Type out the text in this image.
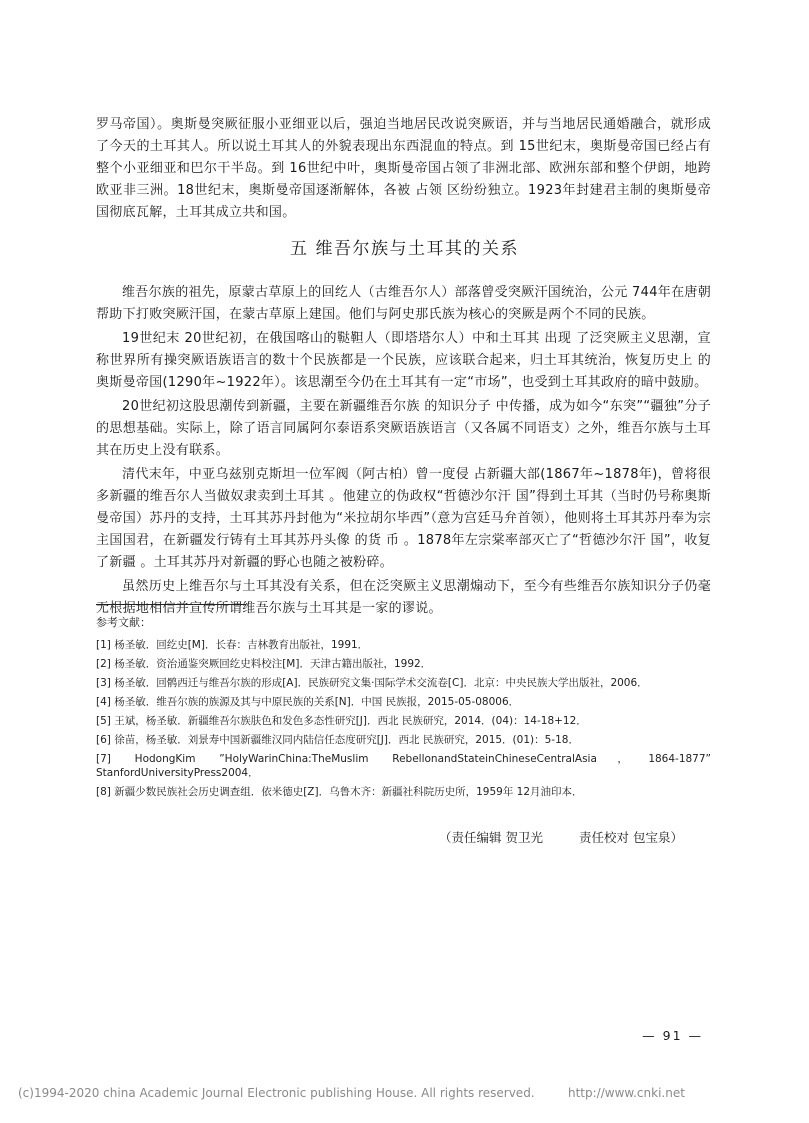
罗马帝国）。奥斯曼突厥征服小亚细亚以后，强迫当地居民改说突厥语，并与当地居民通婚融合，就形成了今天的土耳其人。所以说土耳其人的外貌表现出东西混血的特点。到 15世纪末，奥斯曼帝国已经占有整个小亚细亚和巴尔干半岛。到 16世纪中叶，奥斯曼帝国占领了非洲北部、欧洲东部和整个伊朗，地跨欧亚非三洲。18世纪末，奥斯曼帝国逐渐解体，各被 占领 区纷纷独立。1923年封建君主制的奥斯曼帝国彻底瓦解，土耳其成立共和国。

五 维吾尔族与土耳其的关系

维吾尔族的祖先，原蒙古草原上的回纥人（古维吾尔人）部落曾受突厥汗国统治，公元 744年在唐朝帮助下打败突厥汗国，在蒙古草原上建国。他们与阿史那氏族为核心的突厥是两个不同的民族。

19世纪末 20世纪初，在俄国喀山的鞑靼人（即塔塔尔人）中和土耳其 出现 了泛突厥主义思潮，宣称世界所有操突厥语族语言的数十个民族都是一个民族，应该联合起来，归土耳其统治，恢复历史上 的奥斯曼帝国(1290年~1922年）。该思潮至今仍在土耳其有一定“市场”，也受到土耳其政府的暗中鼓励。

20世纪初这股思潮传到新疆，主要在新疆维吾尔族 的知识分子 中传播，成为如今“东突”“疆独”分子的思想基础。实际上，除了语言同属阿尔泰语系突厥语族语言（又各属不同语支）之外，维吾尔族与土耳其在历史上没有联系。

清代末年，中亚乌兹别克斯坦一位军阀（阿古柏）曾一度侵 占新疆大部(1867年~1878年)，曾将很多新疆的维吾尔人当做奴隶卖到土耳其 。他建立的伪政权“哲德沙尔汗 国”得到土耳其（当时仍号称奥斯曼帝国）苏丹的支持，土耳其苏丹封他为“米拉胡尔毕西”（意为宫廷马弁首领），他则将土耳其苏丹奉为宗主国国君，在新疆发行铸有土耳其苏丹头像 的货 币 。1878年左宗棠率部灭亡了“哲德沙尔汗 国”，收复了新疆 。土耳其苏丹对新疆的野心也随之被粉碎。

虽然历史上维吾尔与土耳其没有关系，但在泛突厥主义思潮煽动下，至今有些维吾尔族知识分子仍毫无根据地相信并宣传所谓维吾尔族与土耳其是一家的谬说。

参考文献：

[1] 杨圣敏．回纥史[M]．长春：吉林教育出版社，1991．

[2] 杨圣敏．资治通鉴突厥回纥史料校注[M]．天津古籍出版社，1992．

[3] 杨圣敏．回鹘西迁与维吾尔族的形成[A]．民族研究文集·国际学术交流卷[C]．北京：中央民族大学出版社，2006．

[4] 杨圣敏．维吾尔族的族源及其与中原民族的关系[N]．中国 民族报，2015-05-08006．

[5] 王斌，杨圣敏．新疆维吾尔族肤色和发色多态性研究[J]．西北 民族研究，2014．(04)：14-18+12．

[6] 徐苗，杨圣敏．刘景寿中国新疆维汉同内陆信任态度研究[J]．西北 民族研究，2015．(01)：5-18．

[7] HodongKim ”HolyWarinChina:TheMuslim RebellonandStateinChineseCentralAsia，1864-1877” StanfordUniversityPress2004．

[8] 新疆少数民族社会历史调查组．依米德史[Z]．乌鲁木齐：新疆社科院历史所，1959年 12月油印本．

（责任编辑 贺卫光	责任校对 包宝泉）
— 91 —
(c)1994-2020 china Academic Journal Electronic publishing House. All rights reserved.	http://www.cnki.net
